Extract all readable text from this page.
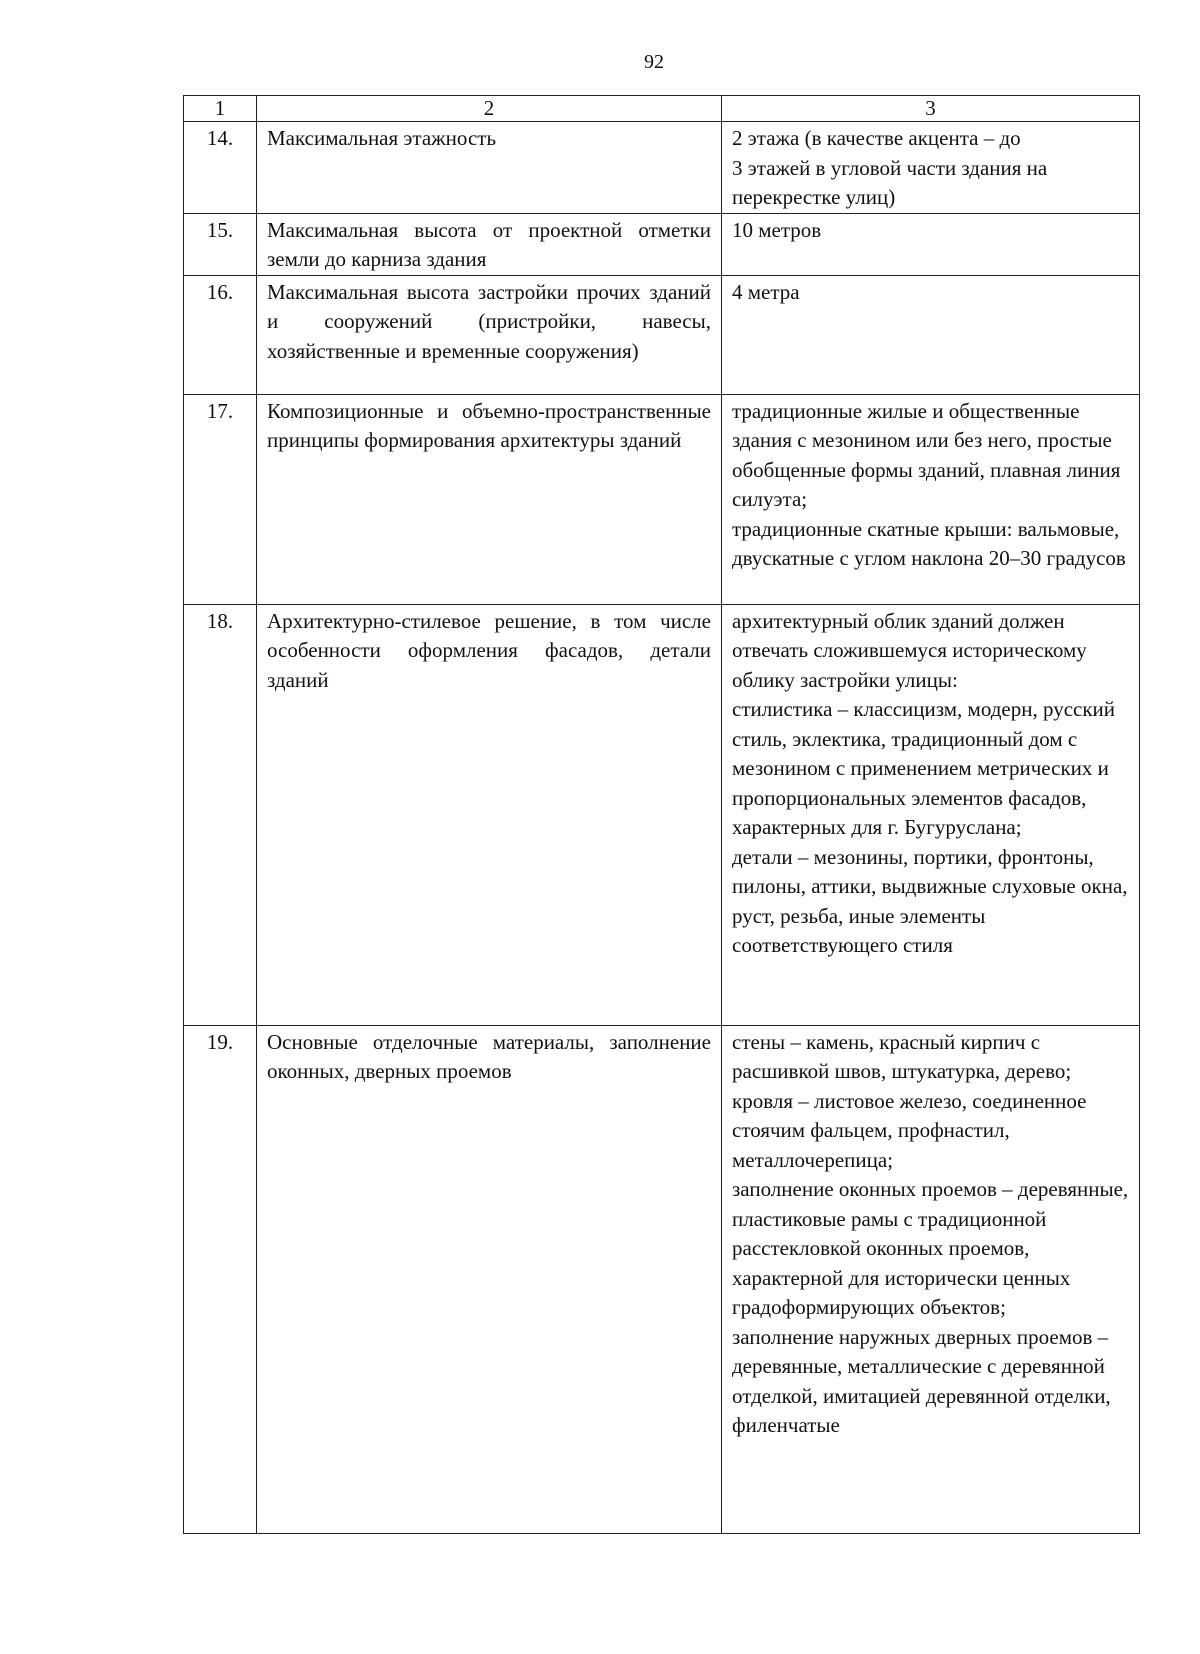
92
1	2	3
14.	Максимальная этажность	2 этажа (в качестве акцента – до
3 этажей в угловой части здания на перекрестке улиц)
15.	Максимальная высота от проектной отметки земли до карниза здания	10 метров
16.	Максимальная высота застройки прочих зданий и сооружений (пристройки, навесы, хозяйственные и временные сооружения)	4 метра
17.	Композиционные и объемно-пространственные принципы формирования архитектуры зданий	традиционные жилые и общественные здания с мезонином или без него, простые обобщенные формы зданий, плавная линия силуэта;
традиционные скатные крыши: вальмовые, двускатные с углом наклона 20–30 градусов
18.	Архитектурно-стилевое решение, в том числе особенности оформления фасадов, детали зданий	архитектурный облик зданий должен отвечать сложившемуся историческому облику застройки улицы:
стилистика – классицизм, модерн, русский стиль, эклектика, традиционный дом с мезонином с применением метрических и пропорциональных элементов фасадов, характерных для г. Бугуруслана;
детали – мезонины, портики, фронтоны, пилоны, аттики, выдвижные слуховые окна, руст, резьба, иные элементы соответствующего стиля
19.	Основные отделочные материалы, заполнение оконных, дверных проемов	стены – камень, красный кирпич с расшивкой швов, штукатурка, дерево;
кровля – листовое железо, соединенное стоячим фальцем, профнастил, металлочерепица;
заполнение оконных проемов – деревянные, пластиковые рамы с традиционной расстекловкой оконных проемов, характерной для исторически ценных градоформирующих объектов;
заполнение наружных дверных проемов – деревянные, металлические с деревянной отделкой, имитацией деревянной отделки, филенчатые
